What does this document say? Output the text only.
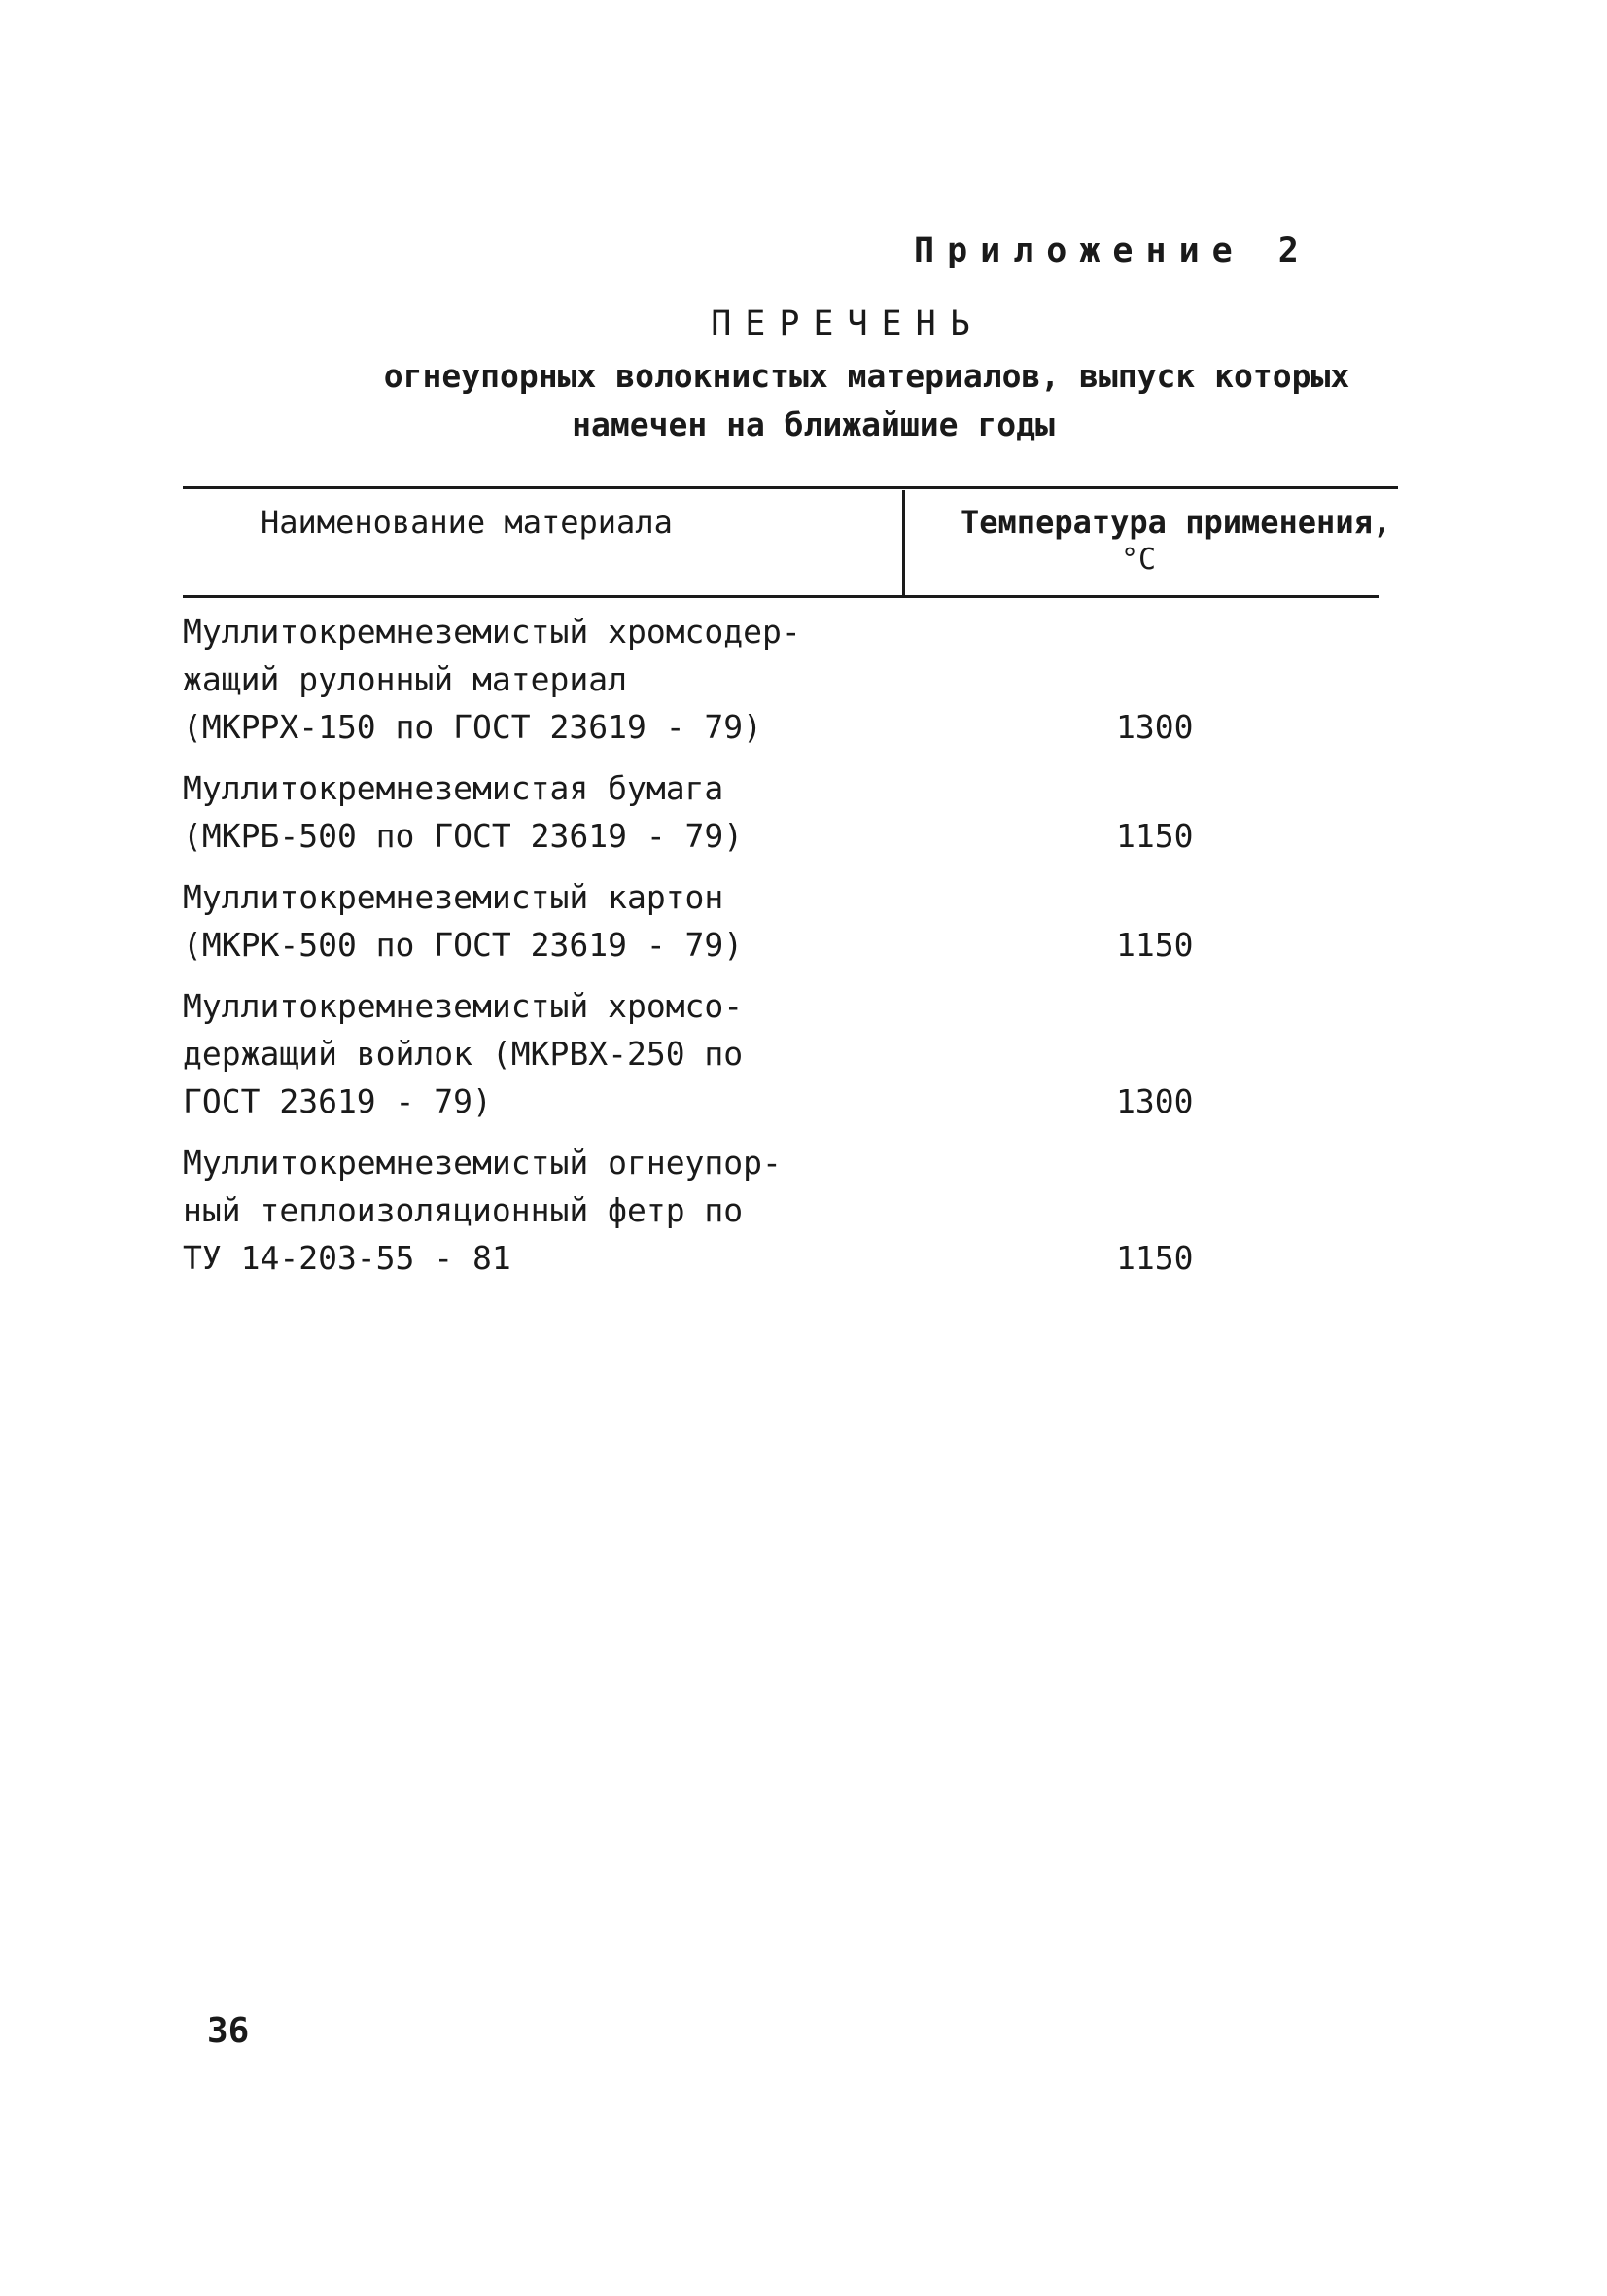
Приложение 2
ПЕРЕЧЕНЬ
огнеупорных волокнистых материалов, выпуск которых
намечен на ближайшие годы
Наименование материала	Температура применения,
°C
Муллитокремнеземистый хромсодер-
жащий рулонный материал
(МКРРХ-150 по ГОСТ 23619 - 79)	1300
Муллитокремнеземистая бумага
(МКРБ-500 по ГОСТ 23619 - 79)	1150
Муллитокремнеземистый картон
(МКРК-500 по ГОСТ 23619 - 79)	1150
Муллитокремнеземистый хромсо-
держащий войлок (МКРВХ-250 по
ГОСТ 23619 - 79)	1300
Муллитокремнеземистый огнеупор-
ный теплоизоляционный фетр по
ТУ 14-203-55 - 81	1150
36
